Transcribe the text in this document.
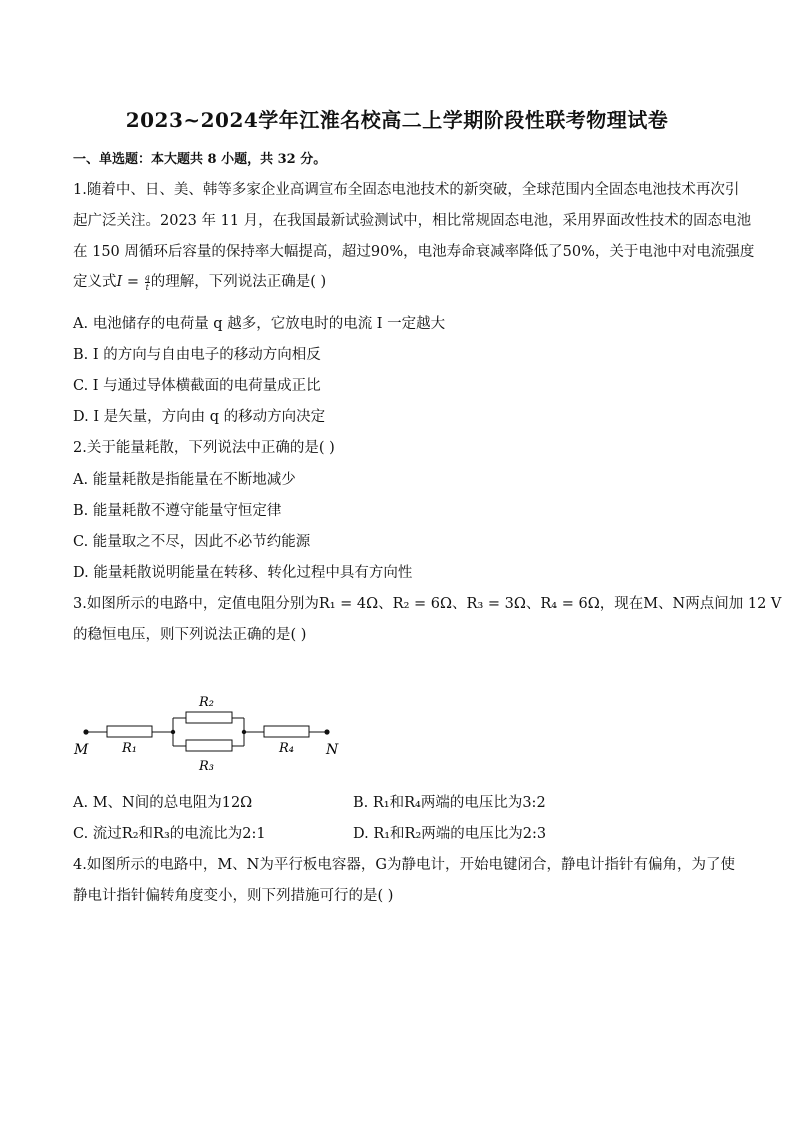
2023~2024学年江淮名校高二上学期阶段性联考物理试卷
一、单选题：本大题共 8 小题，共 32 分。
1.随着中、日、美、韩等多家企业高调宣布全固态电池技术的新突破，全球范围内全固态电池技术再次引
起广泛关注。2023 年 11 月，在我国最新试验测试中，相比常规固态电池，采用界面改性技术的固态电池
在 150 周循环后容量的保持率大幅提高，超过90%，电池寿命衰减率降低了50%，关于电池中对电流强度
定义式$I = \frac{q}{t}$ 的理解，下列说法正确是( )
A. 电池储存的电荷量 q 越多，它放电时的电流 I 一定越大
B. I 的方向与自由电子的移动方向相反
C. I 与通过导体横截面的电荷量成正比
D. I 是矢量，方向由 q 的移动方向决定
2.关于能量耗散，下列说法中正确的是( )
A. 能量耗散是指能量在不断地减少
B. 能量耗散不遵守能量守恒定律
C. 能量取之不尽，因此不必节约能源
D. 能量耗散说明能量在转移、转化过程中具有方向性
3.如图所示的电路中，定值电阻分别为R₁ = 4Ω、R₂ = 6Ω、R₃ = 3Ω、R₄ = 6Ω，现在M、N两点间加 12 V
的稳恒电压，则下列说法正确的是( )
M	R₁
R₂
R₃
R₄ N
A. M、N间的总电阻为12Ω	B. R₁和R₄两端的电压比为3:2
C. 流过R₂和R₃的电流比为2:1	D. R₁和R₂两端的电压比为2:3
4.如图所示的电路中，M、N为平行板电容器，G为静电计，开始电键闭合，静电计指针有偏角，为了使
静电计指针偏转角度变小，则下列措施可行的是( )
